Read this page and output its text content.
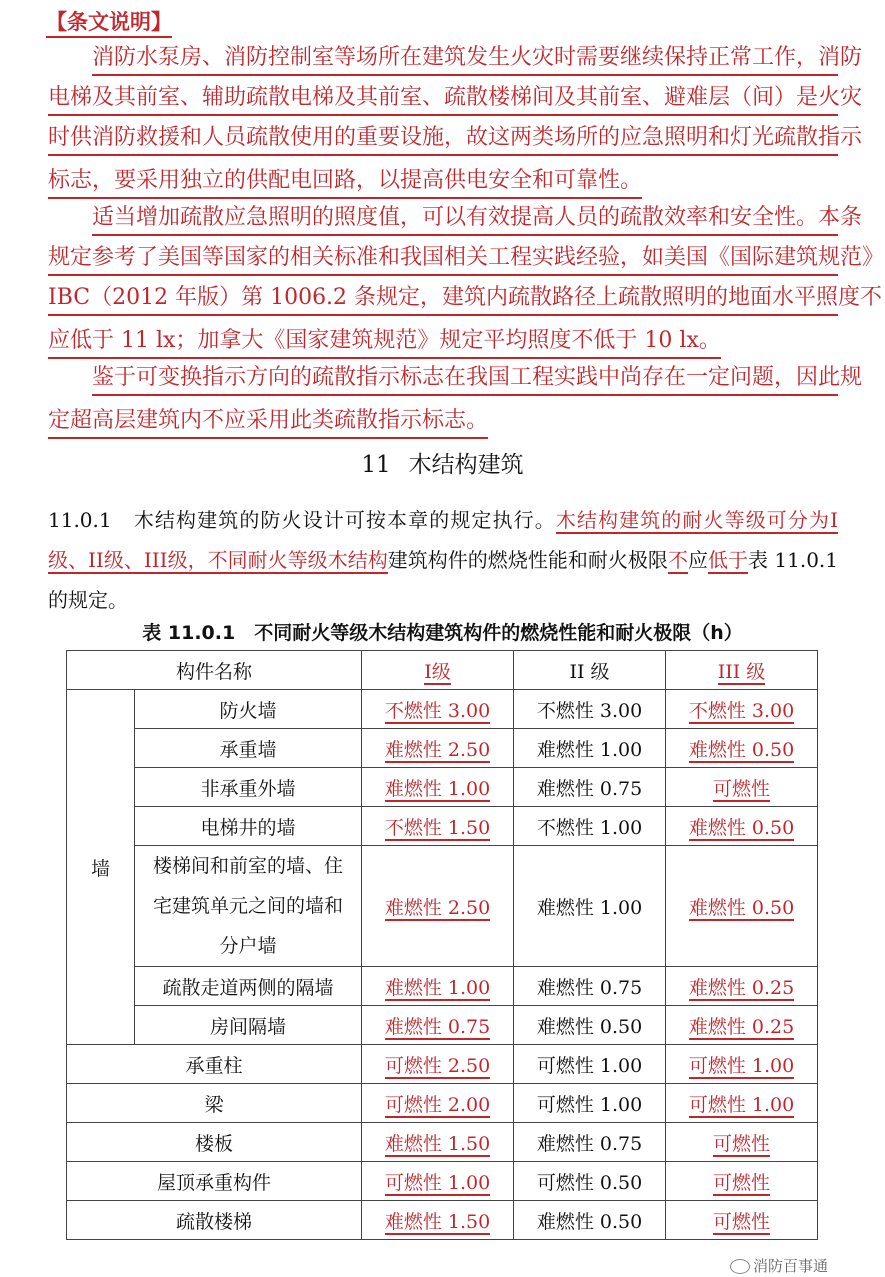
【条文说明】
消防水泵房、消防控制室等场所在建筑发生火灾时需要继续保持正常工作，消防
电梯及其前室、辅助疏散电梯及其前室、疏散楼梯间及其前室、避难层（间）是火灾
时供消防救援和人员疏散使用的重要设施，故这两类场所的应急照明和灯光疏散指示
标志，要采用独立的供配电回路，以提高供电安全和可靠性。
适当增加疏散应急照明的照度值，可以有效提高人员的疏散效率和安全性。本条
规定参考了美国等国家的相关标准和我国相关工程实践经验，如美国《国际建筑规范》
IBC（2012 年版）第 1006.2 条规定，建筑内疏散路径上疏散照明的地面水平照度不
应低于 11 lx；加拿大《国家建筑规范》规定平均照度不低于 10 lx。
鉴于可变换指示方向的疏散指示标志在我国工程实践中尚存在一定问题，因此规
定超高层建筑内不应采用此类疏散指示标志。
11 木结构建筑
11.0.1　 木结构建筑的防火设计可按本章的规定执行。木结构建筑的耐火等级可分为I级、II级、III级，不同耐火等级木结构建筑构件的燃烧性能和耐火极限不应低于表 11.0.1 的规定。
表 11.0.1　不同耐火等级木结构建筑构件的燃烧性能和耐火极限（h）
构件名称		I级	II 级	III 级
墙	防火墙	不燃性 3.00	不燃性 3.00	不燃性 3.00
	承重墙	难燃性 2.50	难燃性 1.00	难燃性 0.50
	非承重外墙	难燃性 1.00	难燃性 0.75	可燃性
	电梯井的墙	不燃性 1.50	不燃性 1.00	难燃性 0.50
	楼梯间和前室的墙、住宅建筑单元之间的墙和分户墙	难燃性 2.50	难燃性 1.00	难燃性 0.50
	疏散走道两侧的隔墙	难燃性 1.00	难燃性 0.75	难燃性 0.25
	房间隔墙	难燃性 0.75	难燃性 0.50	难燃性 0.25
承重柱		可燃性 2.50	可燃性 1.00	可燃性 1.00
梁		可燃性 2.00	可燃性 1.00	可燃性 1.00
楼板		难燃性 1.50	难燃性 0.75	可燃性
屋顶承重构件		可燃性 1.00	可燃性 0.50	可燃性
疏散楼梯		难燃性 1.50	难燃性 0.50	可燃性
消防百事通
